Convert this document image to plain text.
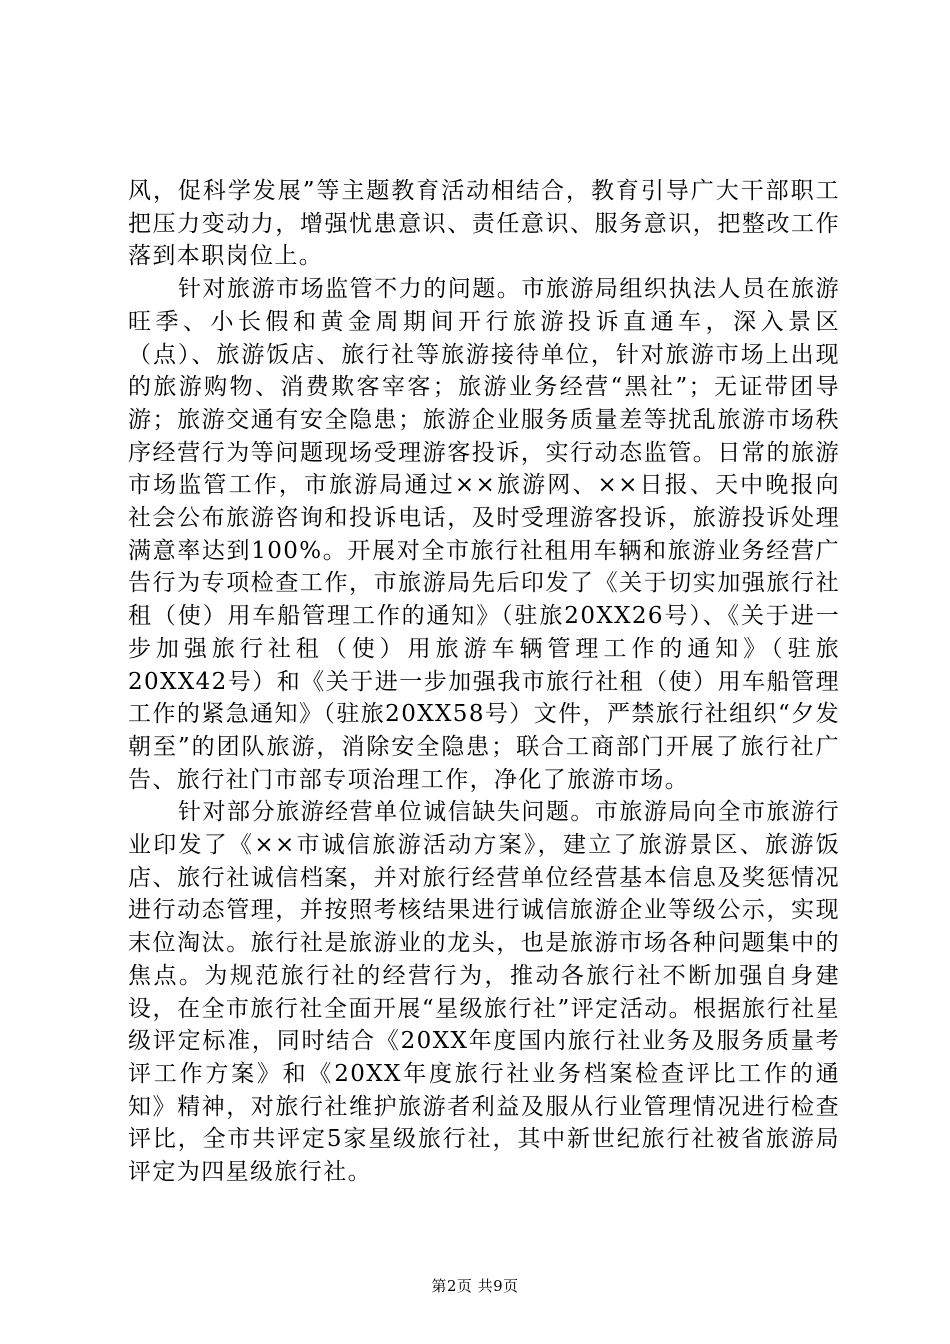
风，促科学发展”等主题教育活动相结合，教育引导广大干部职工把压力变动力，增强忧患意识、责任意识、服务意识，把整改工作落到本职岗位上。

针对旅游市场监管不力的问题。市旅游局组织执法人员在旅游旺季、小长假和黄金周期间开行旅游投诉直通车，深入景区（点）、旅游饭店、旅行社等旅游接待单位，针对旅游市场上出现的旅游购物、消费欺客宰客；旅游业务经营“黑社”；无证带团导游；旅游交通有安全隐患；旅游企业服务质量差等扰乱旅游市场秩序经营行为等问题现场受理游客投诉，实行动态监管。日常的旅游市场监管工作，市旅游局通过××旅游网、××日报、天中晚报向社会公布旅游咨询和投诉电话，及时受理游客投诉，旅游投诉处理满意率达到100%。开展对全市旅行社租用车辆和旅游业务经营广告行为专项检查工作，市旅游局先后印发了《关于切实加强旅行社租（使）用车船管理工作的通知》（驻旅20XX26号）、《关于进一步加强旅行社租（使）用旅游车辆管理工作的通知》（驻旅20XX42号）和《关于进一步加强我市旅行社租（使）用车船管理工作的紧急通知》（驻旅20XX58号）文件，严禁旅行社组织“夕发朝至”的团队旅游，消除安全隐患；联合工商部门开展了旅行社广告、旅行社门市部专项治理工作，净化了旅游市场。

针对部分旅游经营单位诚信缺失问题。市旅游局向全市旅游行业印发了《××市诚信旅游活动方案》，建立了旅游景区、旅游饭店、旅行社诚信档案，并对旅行经营单位经营基本信息及奖惩情况进行动态管理，并按照考核结果进行诚信旅游企业等级公示，实现末位淘汰。旅行社是旅游业的龙头，也是旅游市场各种问题集中的焦点。为规范旅行社的经营行为，推动各旅行社不断加强自身建设，在全市旅行社全面开展“星级旅行社”评定活动。根据旅行社星级评定标准，同时结合《20XX年度国内旅行社业务及服务质量考评工作方案》和《20XX年度旅行社业务档案检查评比工作的通知》精神，对旅行社维护旅游者利益及服从行业管理情况进行检查评比，全市共评定5家星级旅行社，其中新世纪旅行社被省旅游局评定为四星级旅行社。

第2页 共9页
